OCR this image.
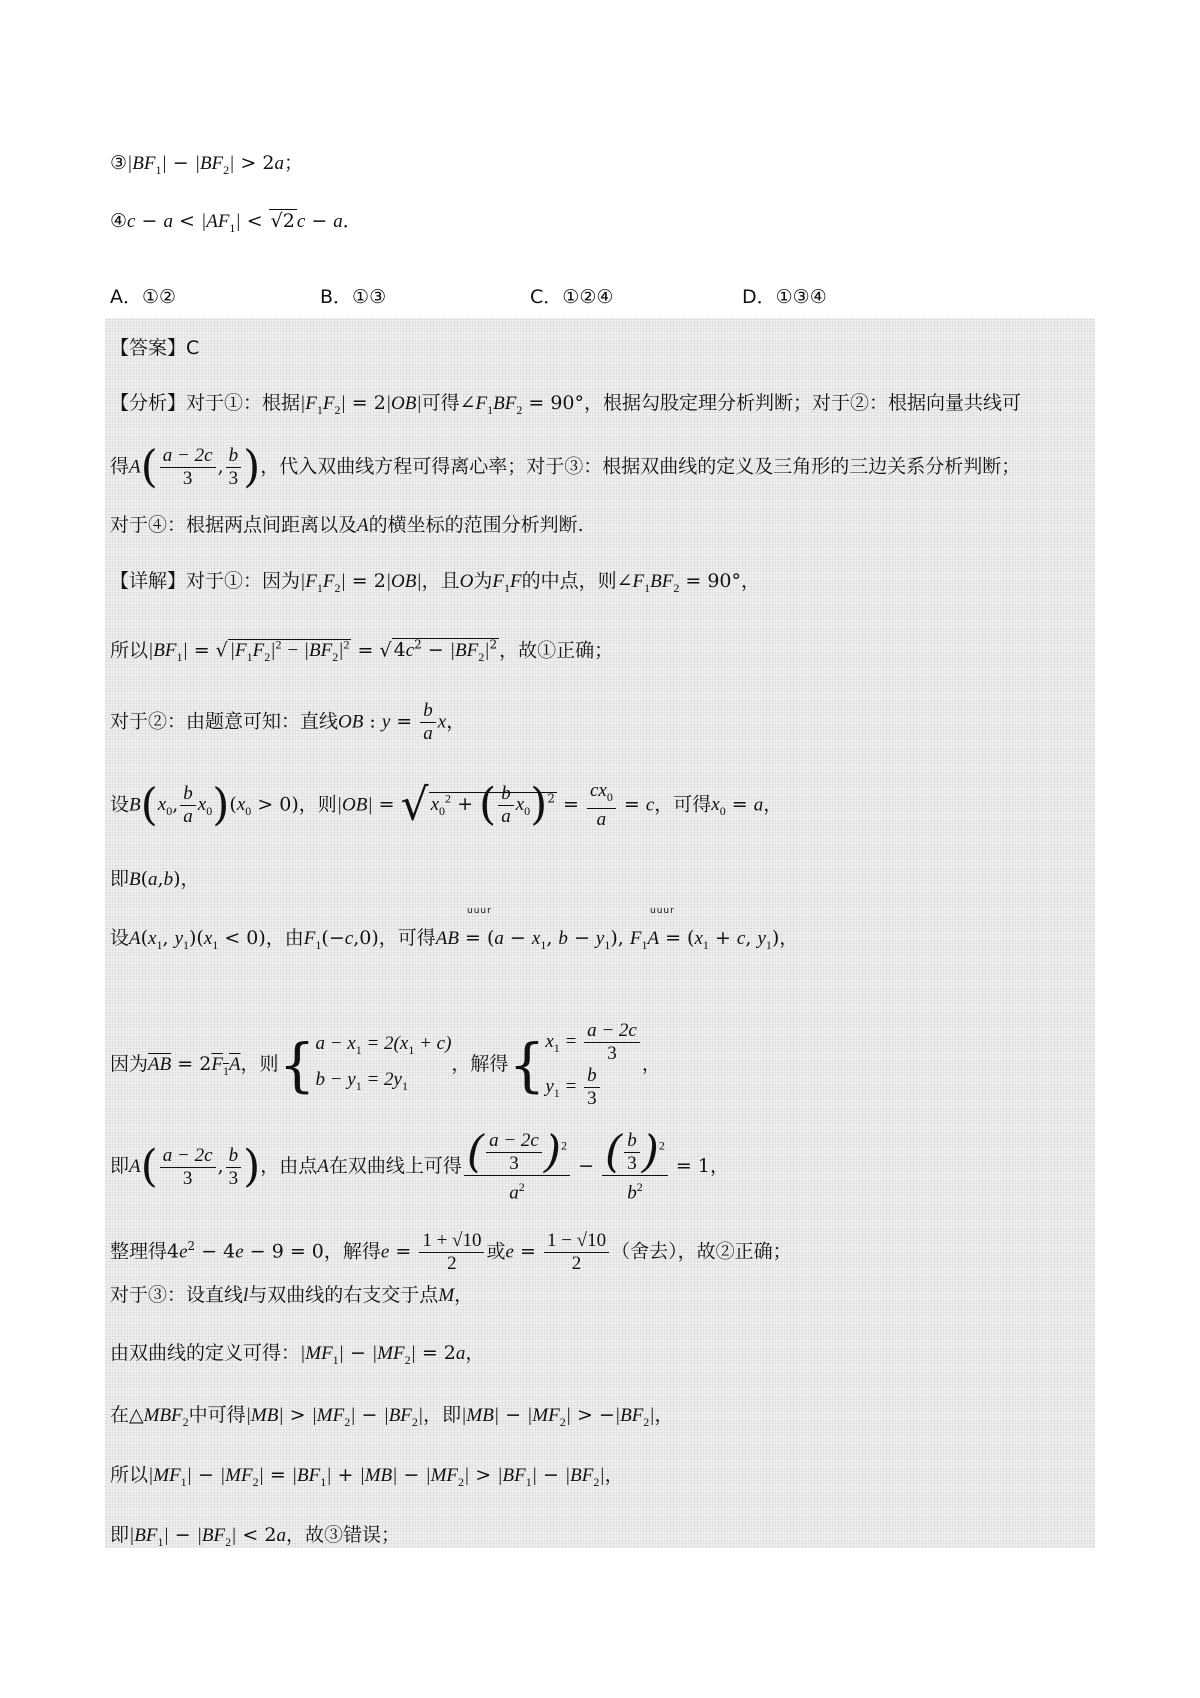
$③|BF_1| - |BF_2| > 2a$；
④c − $a < |AF_1| < √2$ c − a．
A．①②	B．①③	C．①②④	D．①③④
【答案】C
【分析】对于①：根据$|F_1F_2| = 2|OB|$可得$\angle F_1BF_2 = 90^\circ$，根据勾股定理分析判断；对于②：根据向量共线可
得$A( \frac{a - 2c}{3}$ , $\frac{b}{3}$ )，代入双曲线方程可得离心率；对于③：根据双曲线的定义及三角形的三边关系分析判断；
对于④：根据两点间距离以及A的横坐标的范围分析判断.
【详解】对于①：因为$|F_1F_2| = 2|OB|$，且O为$F_1F$的中点，则$\angle F_1BF_2 = 90^\circ$，
所以$|BF_1|$ = √ $|F_1F_2|^2 - |BF_2|^2$ = √ $4c^2 - |BF_2|^2$ ，故①正确；
对于②：由题意可知：直线OB : $y = \frac{b}{a}$ x，
设$B(x_0$, $\frac{b}{a} x_0)(x_0 > 0)$，则|OB| = √ $x_0^2$ + ( $\frac{b}{a} x_0)^2 = \frac{cx_0}{a} = c$，可得$x_0 = a$，
即B(a,b)，
uuur	uuur
设$A(x_1$, $y_1)(x_1 < 0)$，由$F_1(-c,0)$，可得AB = ($a - x_1$, $b - y_1$), $F_1A = (x_1 + c$, $y_1$)，
因为$\overline{AB} = 2F_1A$，则{$a - x_1 = 2(x_1 + c)$
$b - y_1 = 2y_1$，解得{$x_1 = \frac{a - 2c}{3}$

$y_1 = \frac{b}{3}$
，
即$A( \frac{a - 2c}{3}$ , $\frac{b}{3}$ )，由点A在双曲线上可得 $\frac{( \frac{a - 2c}{3} )^2}{a^2} - \frac{( \frac{b}{3} )^2}{b^2} = 1$，
整理得$4e^2 - 4e - 9 = 0$，解得$e = \frac{1 + √10}{2}$ 或$e = \frac{1 - √10}{2}$ （舍去），故②正确；
对于③：设直线l与双曲线的右支交于点M，
由双曲线的定义可得：$|MF_1| - |MF_2| = 2a$，
在$\triangle MBF_2$中可得$|MB| > |MF_2| - |BF_2|$，即$|MB| - |MF_2| > -|BF_2|$，
所以$|MF_1| - |MF_2| = |BF_1| + |MB| - |MF_2| > |BF_1| - |BF_2|$，
即$|BF_1| - |BF_2| < 2a$，故③错误；
